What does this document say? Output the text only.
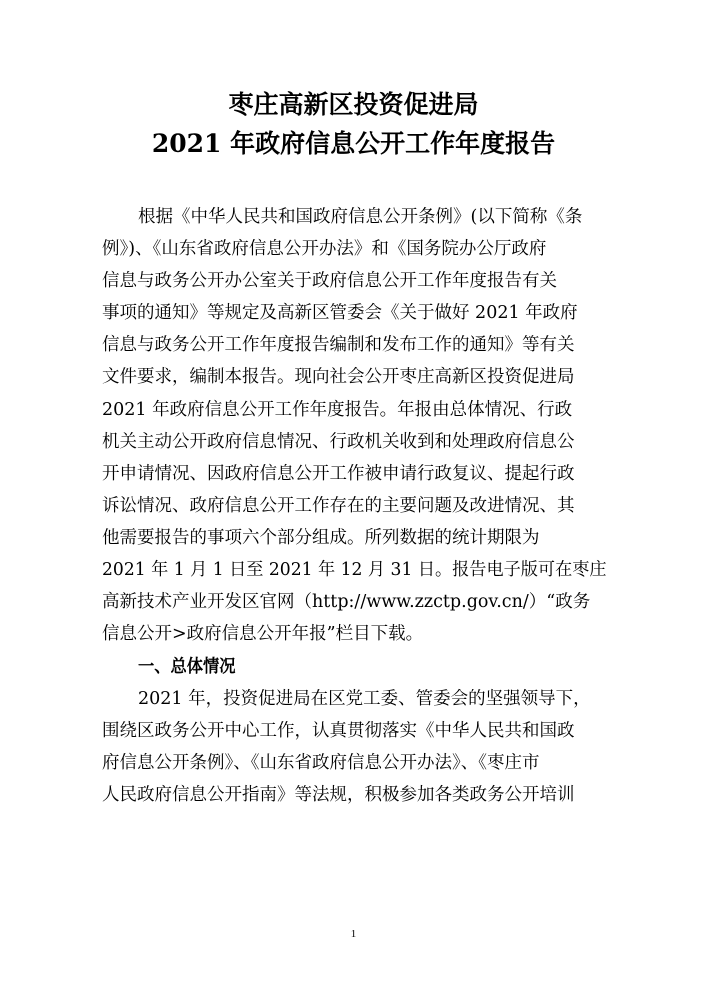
枣庄高新区投资促进局
2021 年政府信息公开工作年度报告
根据《中华人民共和国政府信息公开条例》(以下简称《条
例》)、《山东省政府信息公开办法》和《国务院办公厅政府
信息与政务公开办公室关于政府信息公开工作年度报告有关
事项的通知》等规定及高新区管委会《关于做好 2021 年政府
信息与政务公开工作年度报告编制和发布工作的通知》等有关
文件要求，编制本报告。现向社会公开枣庄高新区投资促进局
2021 年政府信息公开工作年度报告。年报由总体情况、行政
机关主动公开政府信息情况、行政机关收到和处理政府信息公
开申请情况、因政府信息公开工作被申请行政复议、提起行政
诉讼情况、政府信息公开工作存在的主要问题及改进情况、其
他需要报告的事项六个部分组成。所列数据的统计期限为
2021 年 1 月 1 日至 2021 年 12 月 31 日。报告电子版可在枣庄
高新技术产业开发区官网（http://www.zzctp.gov.cn/）“政务
信息公开>政府信息公开年报”栏目下载。
一、总体情况
2021 年，投资促进局在区党工委、管委会的坚强领导下，
围绕区政务公开中心工作，认真贯彻落实《中华人民共和国政
府信息公开条例》、《山东省政府信息公开办法》、《枣庄市
人民政府信息公开指南》等法规，积极参加各类政务公开培训
1
